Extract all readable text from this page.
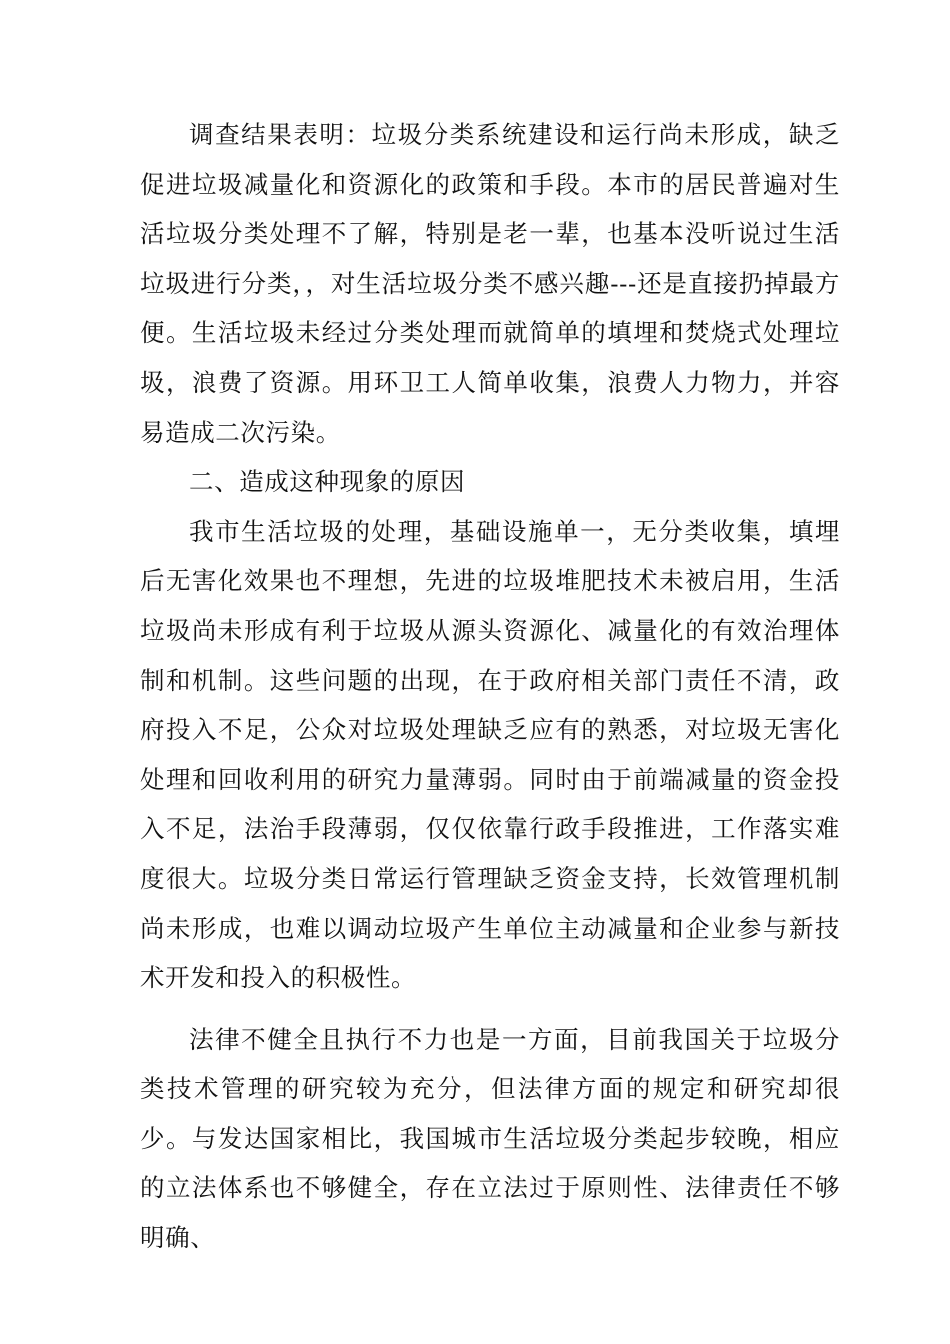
调查结果表明：垃圾分类系统建设和运行尚未形成，缺乏促进垃圾减量化和资源化的政策和手段。本市的居民普遍对生活垃圾分类处理不了解，特别是老一辈，也基本没听说过生活垃圾进行分类，，对生活垃圾分类不感兴趣---还是直接扔掉最方便。生活垃圾未经过分类处理而就简单的填埋和焚烧式处理垃圾，浪费了资源。用环卫工人简单收集，浪费人力物力，并容易造成二次污染。

二、造成这种现象的原因

我市生活垃圾的处理，基础设施单一，无分类收集，填埋后无害化效果也不理想，先进的垃圾堆肥技术未被启用，生活垃圾尚未形成有利于垃圾从源头资源化、减量化的有效治理体制和机制。这些问题的出现，在于政府相关部门责任不清，政府投入不足，公众对垃圾处理缺乏应有的熟悉，对垃圾无害化处理和回收利用的研究力量薄弱。同时由于前端减量的资金投入不足，法治手段薄弱，仅仅依靠行政手段推进，工作落实难度很大。垃圾分类日常运行管理缺乏资金支持，长效管理机制尚未形成，也难以调动垃圾产生单位主动减量和企业参与新技术开发和投入的积极性。

法律不健全且执行不力也是一方面，目前我国关于垃圾分类技术管理的研究较为充分，但法律方面的规定和研究却很少。与发达国家相比，我国城市生活垃圾分类起步较晚，相应的立法体系也不够健全，存在立法过于原则性、法律责任不够明确、
